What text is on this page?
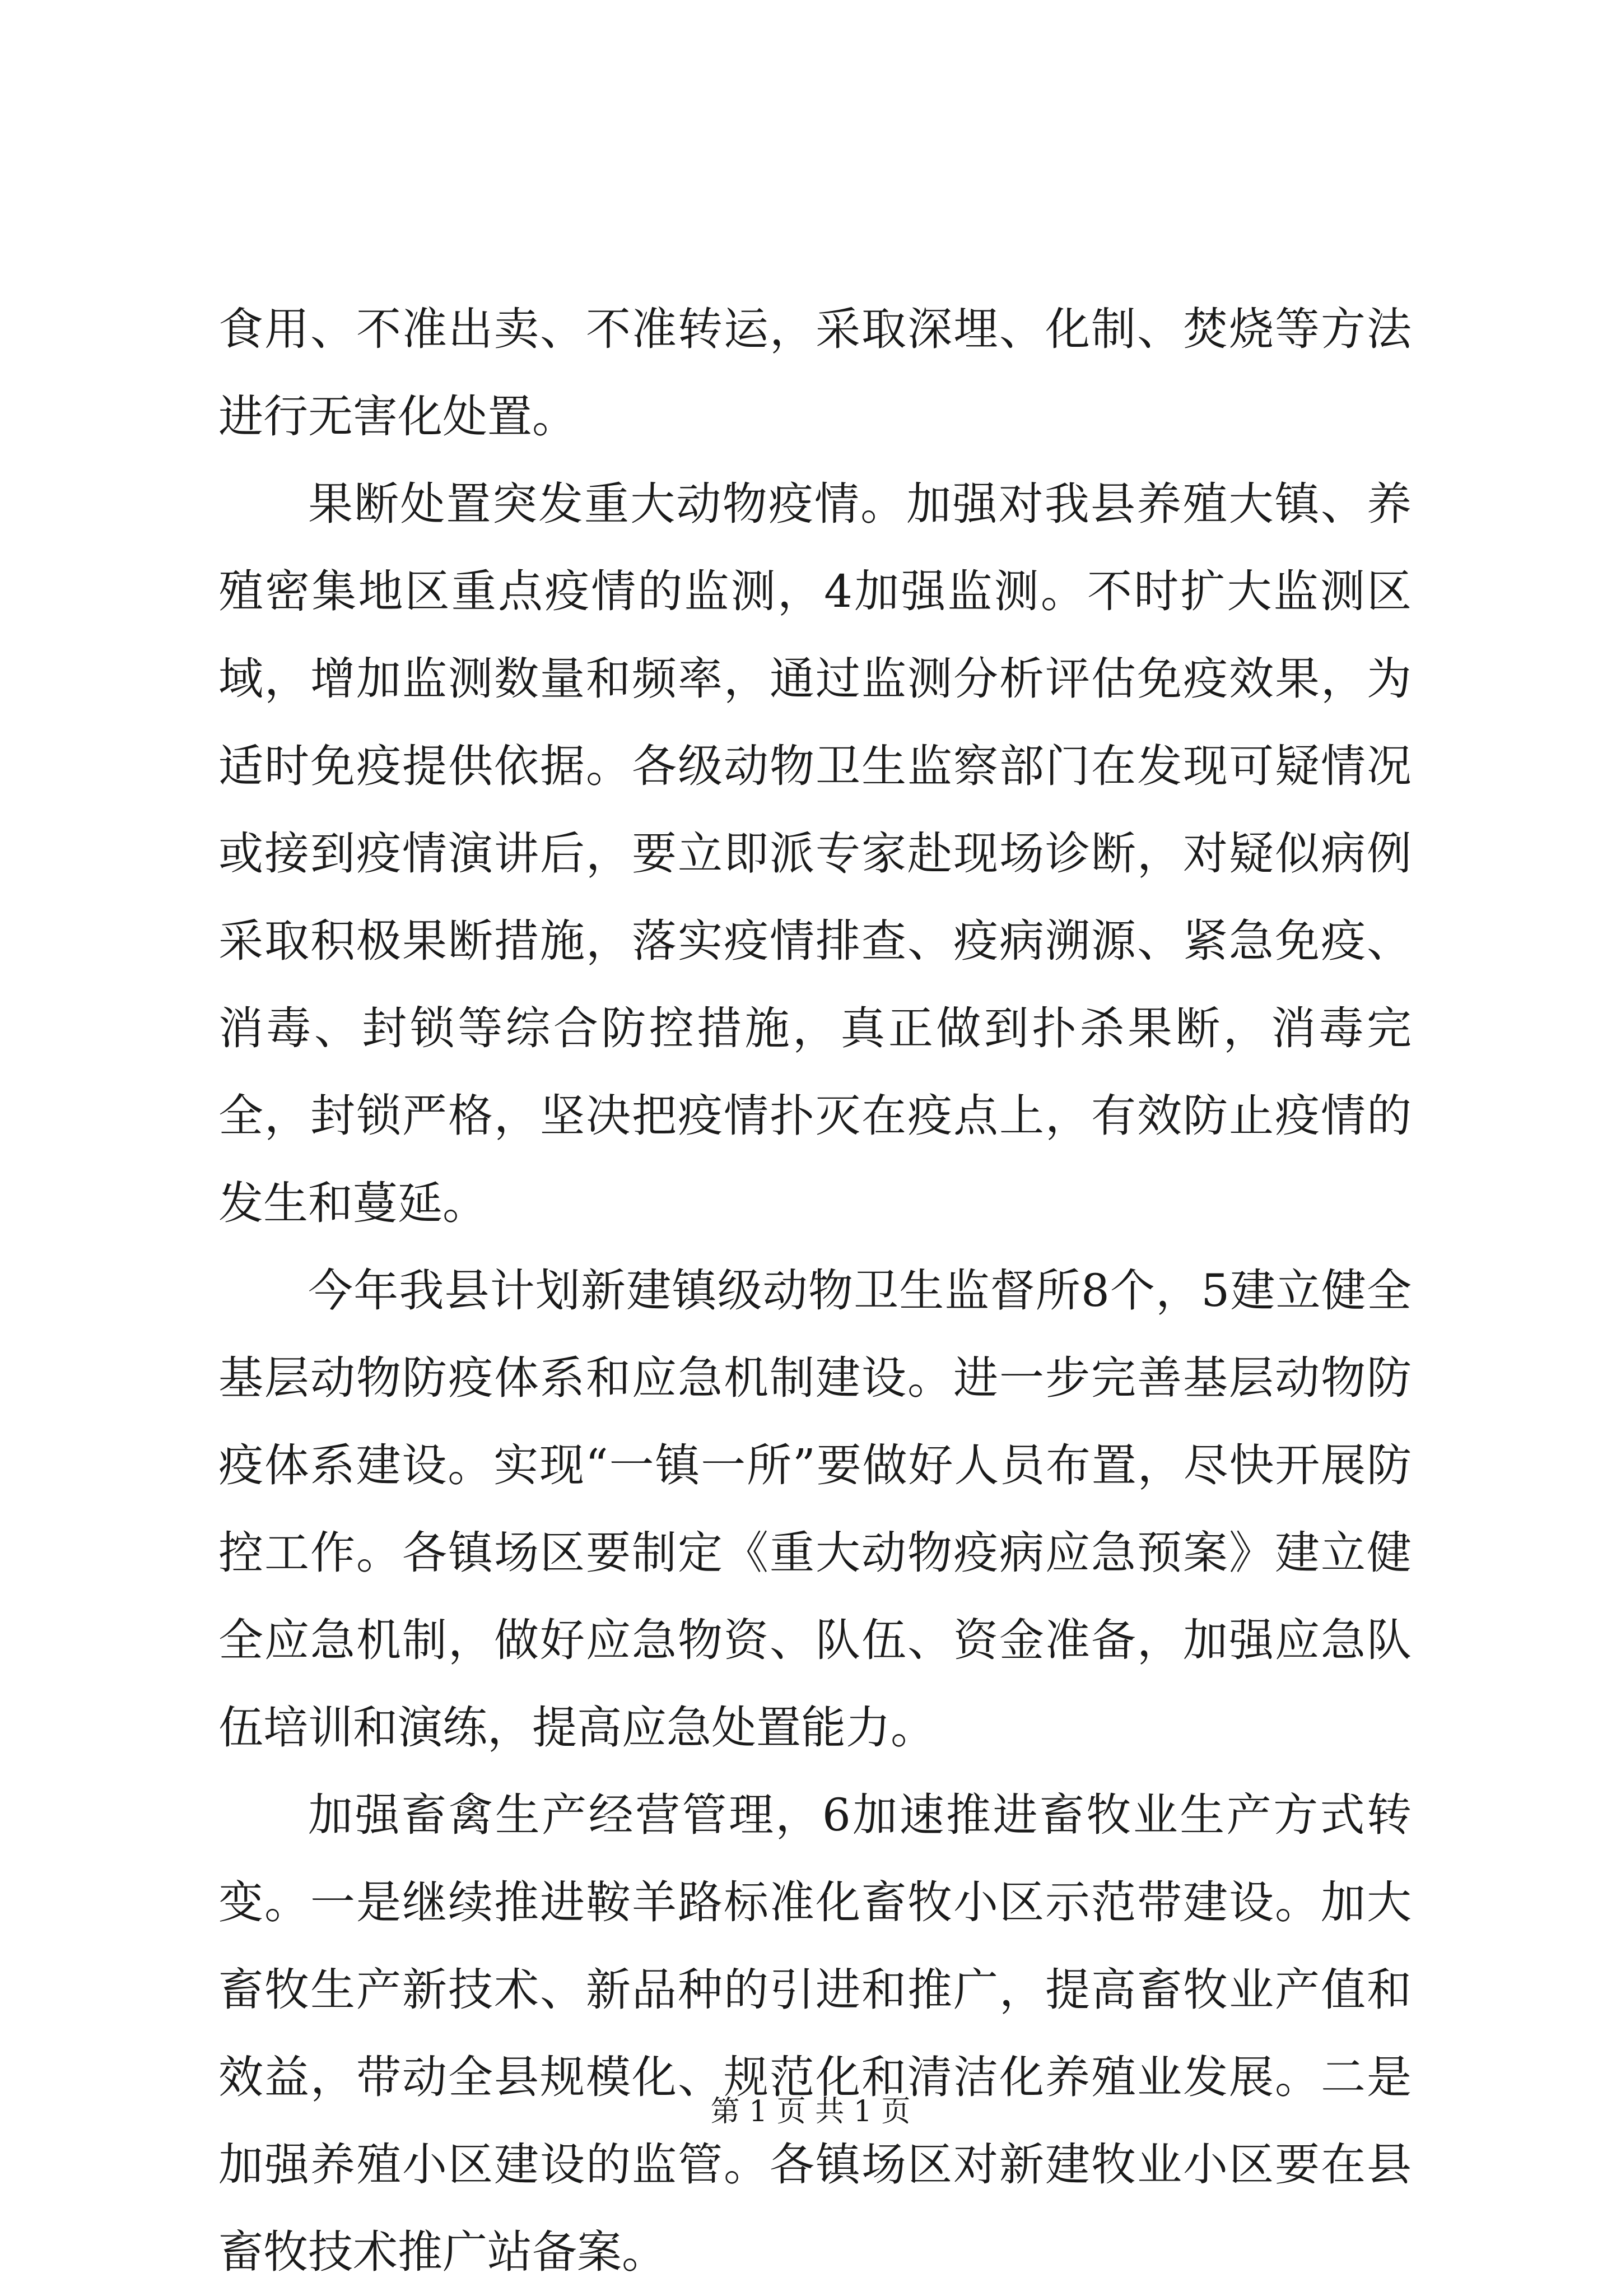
食用、不准出卖、不准转运，采取深埋、化制、焚烧等方法进行无害化处置。

果断处置突发重大动物疫情。加强对我县养殖大镇、养殖密集地区重点疫情的监测，4加强监测。不时扩大监测区域，增加监测数量和频率，通过监测分析评估免疫效果，为适时免疫提供依据。各级动物卫生监察部门在发现可疑情况或接到疫情演讲后，要立即派专家赴现场诊断，对疑似病例采取积极果断措施，落实疫情排查、疫病溯源、紧急免疫、消毒、封锁等综合防控措施，真正做到扑杀果断，消毒完全，封锁严格，坚决把疫情扑灭在疫点上，有效防止疫情的发生和蔓延。

今年我县计划新建镇级动物卫生监督所8个，5建立健全基层动物防疫体系和应急机制建设。进一步完善基层动物防疫体系建设。实现“一镇一所”要做好人员布置，尽快开展防控工作。各镇场区要制定《重大动物疫病应急预案》建立健全应急机制，做好应急物资、队伍、资金准备，加强应急队伍培训和演练，提高应急处置能力。

加强畜禽生产经营管理，6加速推进畜牧业生产方式转变。一是继续推进鞍羊路标准化畜牧小区示范带建设。加大畜牧生产新技术、新品种的引进和推广，提高畜牧业产值和效益，带动全县规模化、规范化和清洁化养殖业发展。二是加强养殖小区建设的监管。各镇场区对新建牧业小区要在县畜牧技术推广站备案。

第 1 页 共 1 页
